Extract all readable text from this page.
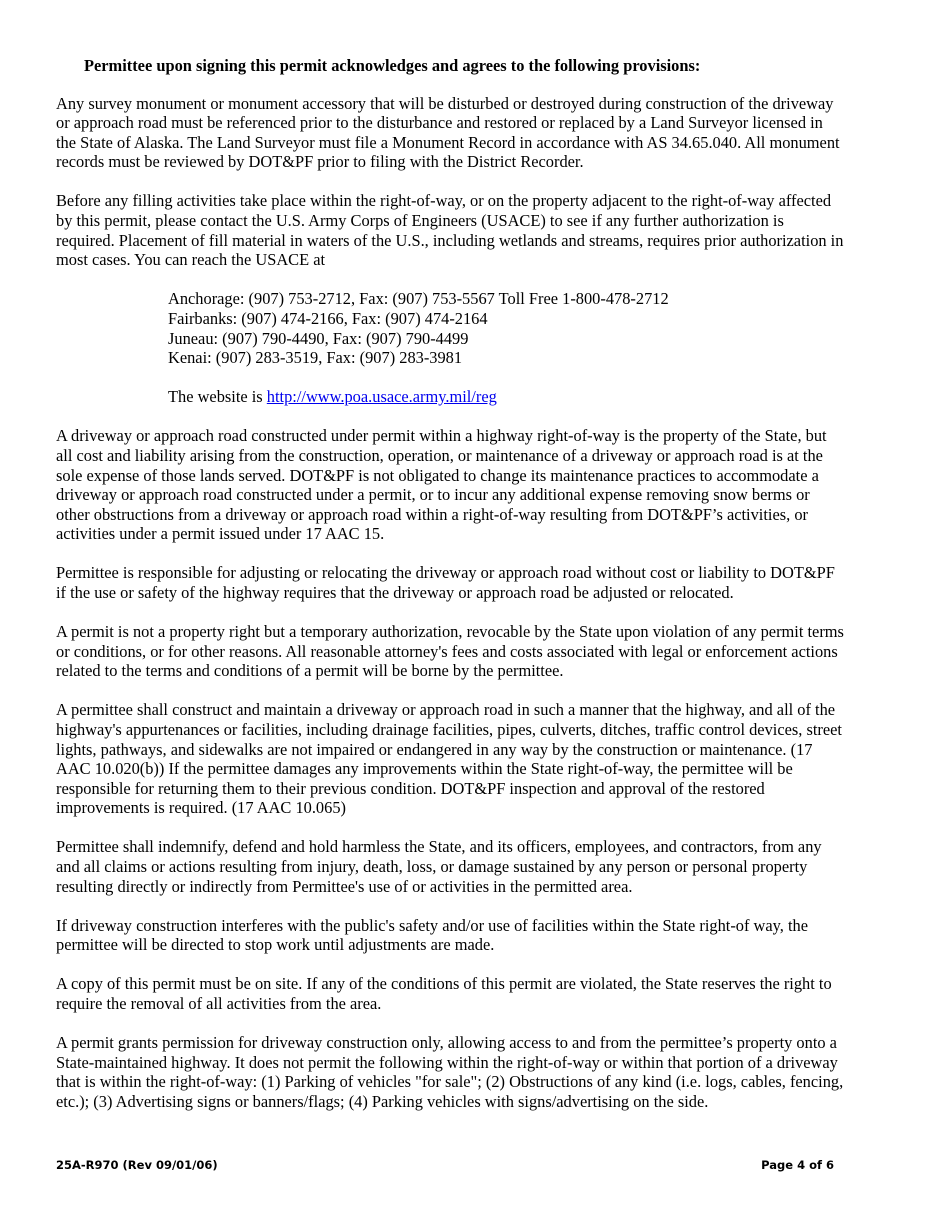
Permittee upon signing this permit acknowledges and agrees to the following provisions:

Any survey monument or monument accessory that will be disturbed or destroyed during construction of the driveway or approach road must be referenced prior to the disturbance and restored or replaced by a Land Surveyor licensed in the State of Alaska. The Land Surveyor must file a Monument Record in accordance with AS 34.65.040. All monument records must be reviewed by DOT&PF prior to filing with the District Recorder.

Before any filling activities take place within the right-of-way, or on the property adjacent to the right-of-way affected by this permit, please contact the U.S. Army Corps of Engineers (USACE) to see if any further authorization is required. Placement of fill material in waters of the U.S., including wetlands and streams, requires prior authorization in most cases. You can reach the USACE at

Anchorage: (907) 753-2712, Fax: (907) 753-5567 Toll Free 1-800-478-2712
Fairbanks: (907) 474-2166, Fax: (907) 474-2164
Juneau: (907) 790-4490, Fax: (907) 790-4499
Kenai: (907) 283-3519, Fax: (907) 283-3981
The website is http://www.poa.usace.army.mil/reg

A driveway or approach road constructed under permit within a highway right-of-way is the property of the State, but all cost and liability arising from the construction, operation, or maintenance of a driveway or approach road is at the sole expense of those lands served. DOT&PF is not obligated to change its maintenance practices to accommodate a driveway or approach road constructed under a permit, or to incur any additional expense removing snow berms or other obstructions from a driveway or approach road within a right-of-way resulting from DOT&PF’s activities, or activities under a permit issued under 17 AAC 15.

Permittee is responsible for adjusting or relocating the driveway or approach road without cost or liability to DOT&PF if the use or safety of the highway requires that the driveway or approach road be adjusted or relocated.

A permit is not a property right but a temporary authorization, revocable by the State upon violation of any permit terms or conditions, or for other reasons. All reasonable attorney's fees and costs associated with legal or enforcement actions related to the terms and conditions of a permit will be borne by the permittee.

A permittee shall construct and maintain a driveway or approach road in such a manner that the highway, and all of the highway's appurtenances or facilities, including drainage facilities, pipes, culverts, ditches, traffic control devices, street lights, pathways, and sidewalks are not impaired or endangered in any way by the construction or maintenance. (17 AAC 10.020(b)) If the permittee damages any improvements within the State right-of-way, the permittee will be responsible for returning them to their previous condition. DOT&PF inspection and approval of the restored improvements is required. (17 AAC 10.065)

Permittee shall indemnify, defend and hold harmless the State, and its officers, employees, and contractors, from any and all claims or actions resulting from injury, death, loss, or damage sustained by any person or personal property resulting directly or indirectly from Permittee's use of or activities in the permitted area.

If driveway construction interferes with the public's safety and/or use of facilities within the State right-of way, the permittee will be directed to stop work until adjustments are made.

A copy of this permit must be on site. If any of the conditions of this permit are violated, the State reserves the right to require the removal of all activities from the area.

A permit grants permission for driveway construction only, allowing access to and from the permittee’s property onto a State-maintained highway. It does not permit the following within the right-of-way or within that portion of a driveway that is within the right-of-way: (1) Parking of vehicles "for sale"; (2) Obstructions of any kind (i.e. logs, cables, fencing, etc.); (3) Advertising signs or banners/flags; (4) Parking vehicles with signs/advertising on the side.

25A-R970 (Rev 09/01/06)	Page 4 of 6
